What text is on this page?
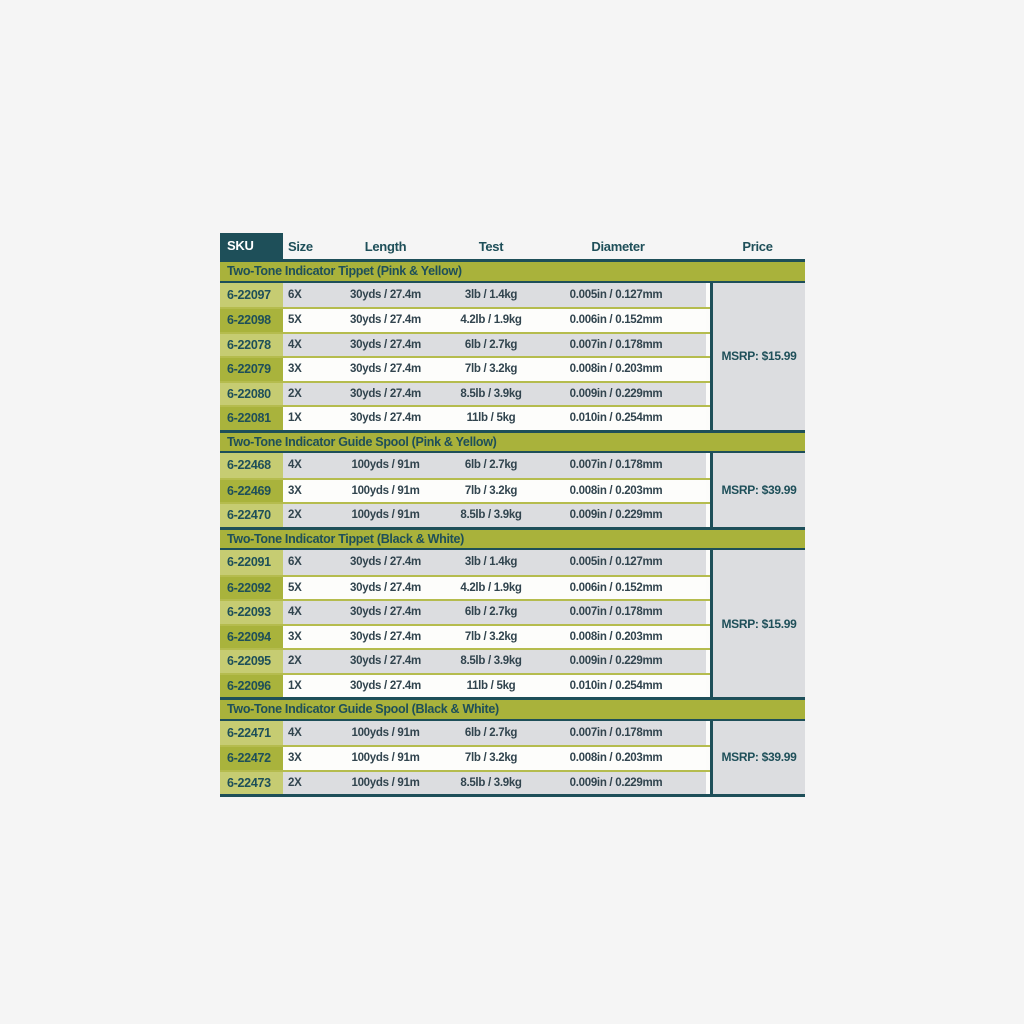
SKU	Size	Length	Test	Diameter	Price
Two-Tone Indicator Tippet (Pink & Yellow)
6-22097	6X	30yds / 27.4m	3lb / 1.4kg	0.005in / 0.127mm
6-22098	5X	30yds / 27.4m	4.2lb / 1.9kg	0.006in / 0.152mm
6-22078	4X	30yds / 27.4m	6lb / 2.7kg	0.007in / 0.178mm
6-22079	3X	30yds / 27.4m	7lb / 3.2kg	0.008in / 0.203mm
6-22080	2X	30yds / 27.4m	8.5lb / 3.9kg	0.009in / 0.229mm
6-22081	1X	30yds / 27.4m	11lb / 5kg	0.010in / 0.254mm
MSRP: $15.99
Two-Tone Indicator Guide Spool (Pink & Yellow)
6-22468	4X	100yds / 91m	6lb / 2.7kg	0.007in / 0.178mm
6-22469	3X	100yds / 91m	7lb / 3.2kg	0.008in / 0.203mm
6-22470	2X	100yds / 91m	8.5lb / 3.9kg	0.009in / 0.229mm
MSRP: $39.99
Two-Tone Indicator Tippet (Black & White)
6-22091	6X	30yds / 27.4m	3lb / 1.4kg	0.005in / 0.127mm
6-22092	5X	30yds / 27.4m	4.2lb / 1.9kg	0.006in / 0.152mm
6-22093	4X	30yds / 27.4m	6lb / 2.7kg	0.007in / 0.178mm
6-22094	3X	30yds / 27.4m	7lb / 3.2kg	0.008in / 0.203mm
6-22095	2X	30yds / 27.4m	8.5lb / 3.9kg	0.009in / 0.229mm
6-22096	1X	30yds / 27.4m	11lb / 5kg	0.010in / 0.254mm
MSRP: $15.99
Two-Tone Indicator Guide Spool (Black & White)
6-22471	4X	100yds / 91m	6lb / 2.7kg	0.007in / 0.178mm
6-22472	3X	100yds / 91m	7lb / 3.2kg	0.008in / 0.203mm
6-22473	2X	100yds / 91m	8.5lb / 3.9kg	0.009in / 0.229mm
MSRP: $39.99
